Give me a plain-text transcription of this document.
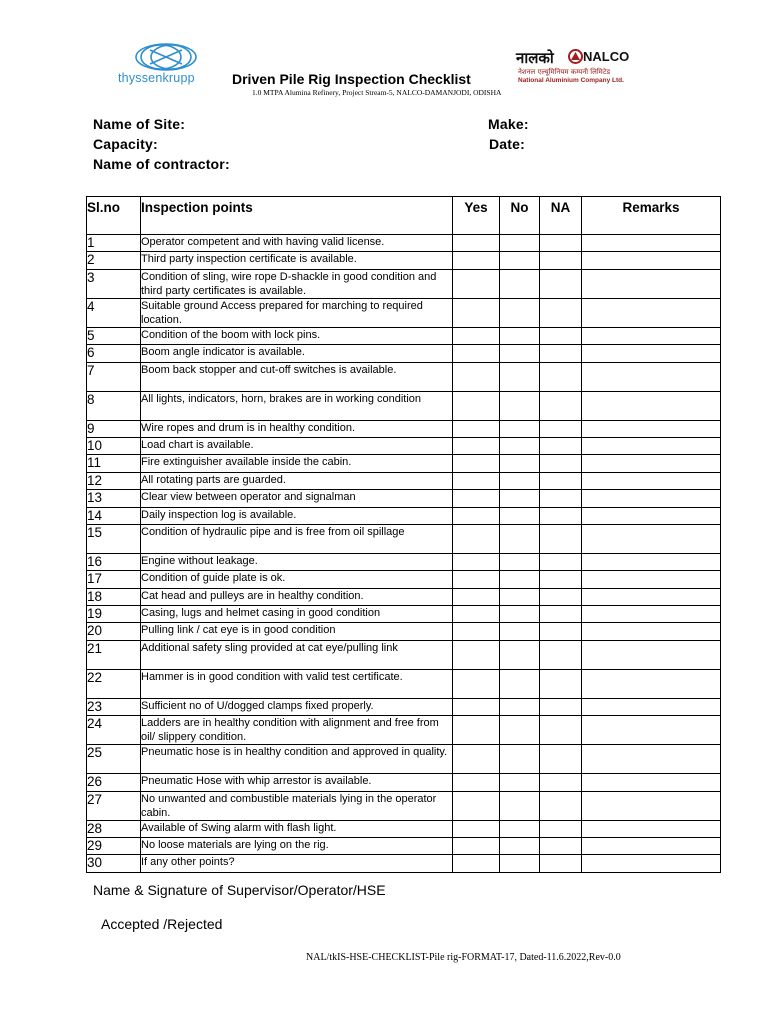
thyssenkrupp
नालको NALCO
नेशनल एल्यूमिनियम कम्पनी लिमिटेड
National Aluminium Company Ltd.
Driven Pile Rig Inspection Checklist
1.0 MTPA Alumina Refinery, Project Stream-5, NALCO-DAMANJODI, ODISHA
Name of Site:	Make:
Capacity:	Date:
Name of contractor:
Sl.no	Inspection points	Yes	No	NA	Remarks
1	Operator competent and with having valid license.				
2	Third party inspection certificate is available.				
3	Condition of sling, wire rope D-shackle in good condition and third party certificates is available.				
4	Suitable ground Access prepared for marching to required location.				
5	Condition of the boom with lock pins.				
6	Boom angle indicator is available.				
7	Boom back stopper and cut-off switches is available.				
8	All lights, indicators, horn, brakes are in working condition				
9	Wire ropes and drum is in healthy condition.				
10	Load chart is available.				
11	Fire extinguisher available inside the cabin.				
12	All rotating parts are guarded.				
13	Clear view between operator and signalman				
14	Daily inspection log is available.				
15	Condition of hydraulic pipe and is free from oil spillage				
16	Engine without leakage.				
17	Condition of guide plate is ok.				
18	Cat head and pulleys are in healthy condition.				
19	Casing, lugs and helmet casing in good condition				
20	Pulling link / cat eye is in good condition				
21	Additional safety sling provided at cat eye/pulling link				
22	Hammer is in good condition with valid test certificate.				
23	Sufficient no of U/dogged clamps fixed properly.				
24	Ladders are in healthy condition with alignment and free from oil/ slippery condition.				
25	Pneumatic hose is in healthy condition and approved in quality.				
26	Pneumatic Hose with whip arrestor is available.				
27	No unwanted and combustible materials lying in the operator cabin.				
28	Available of Swing alarm with flash light.				
29	No loose materials are lying on the rig.				
30	If any other points?				
Name & Signature of Supervisor/Operator/HSE
Accepted /Rejected
NAL/tkIS-HSE-CHECKLIST-Pile rig-FORMAT-17, Dated-11.6.2022,Rev-0.0
